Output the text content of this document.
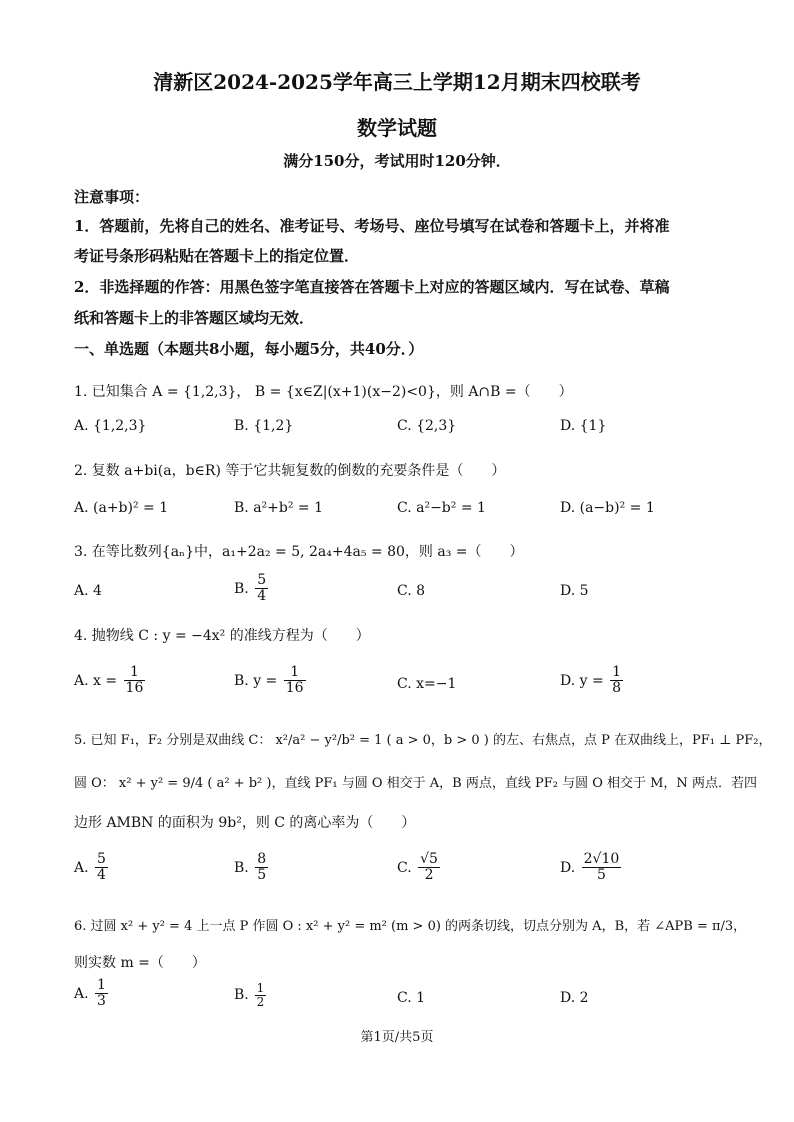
清新区2024-2025学年高三上学期12月期末四校联考
数学试题
满分150分，考试用时120分钟．
注意事项：
1．答题前，先将自己的姓名、准考证号、考场号、座位号填写在试卷和答题卡上，并将准
考证号条形码粘贴在答题卡上的指定位置．
2．非选择题的作答：用黑色签字笔直接答在答题卡上对应的答题区域内．写在试卷、草稿
纸和答题卡上的非答题区域均无效．
一、单选题（本题共8小题，每小题5分，共40分．）
1. 已知集合 A = {1,2,3}， B = {x∈Z|(x+1)(x−2)<0}，则 A∩B =（　　）
A. {1,2,3}	B. {1,2}	C. {2,3}	D. {1}
2. 复数 a+bi(a，b∈R) 等于它共轭复数的倒数的充要条件是（　　）
A. (a+b)² = 1	B. a²+b² = 1	C. a²−b² = 1	D. (a−b)² = 1
3. 在等比数列{aₙ}中，a₁+2a₂ = 5, 2a₄+4a₅ = 80，则 a₃ =（　　）
A. 4	B. $\frac{5}{4}$	C. 8	D. 5
4. 抛物线 C : y = −4x² 的准线方程为（　　）
A. $x = \frac{1}{16}$	B. $y = \frac{1}{16}$	C. x=−1	D. $y = \frac{1}{8}$
5. 已知 F₁，F₂ 分别是双曲线 C： x²/a² − y²/b² = 1 ( a > 0，b > 0 ) 的左、右焦点，点 P 在双曲线上，PF₁ ⊥ PF₂，
圆 O： x² + y² = 9/4 ( a² + b² )，直线 PF₁ 与圆 O 相交于 A，B 两点，直线 PF₂ 与圆 O 相交于 M，N 两点．若四
边形 AMBN 的面积为 9b²，则 C 的离心率为（　　）
A. $\frac{5}{4}$	B. $\frac{8}{5}$	C. $\frac{√5}{2}$	D. $\frac{2√10}{5}$
6. 过圆 x² + y² = 4 上一点 P 作圆 O : x² + y² = m² (m > 0) 的两条切线，切点分别为 A，B，若 ∠APB = π/3，
则实数 m =（　　）
A. $\frac{1}{3}$	B. $\frac{1}{2}$	C. 1	D. 2
第1页/共5页
